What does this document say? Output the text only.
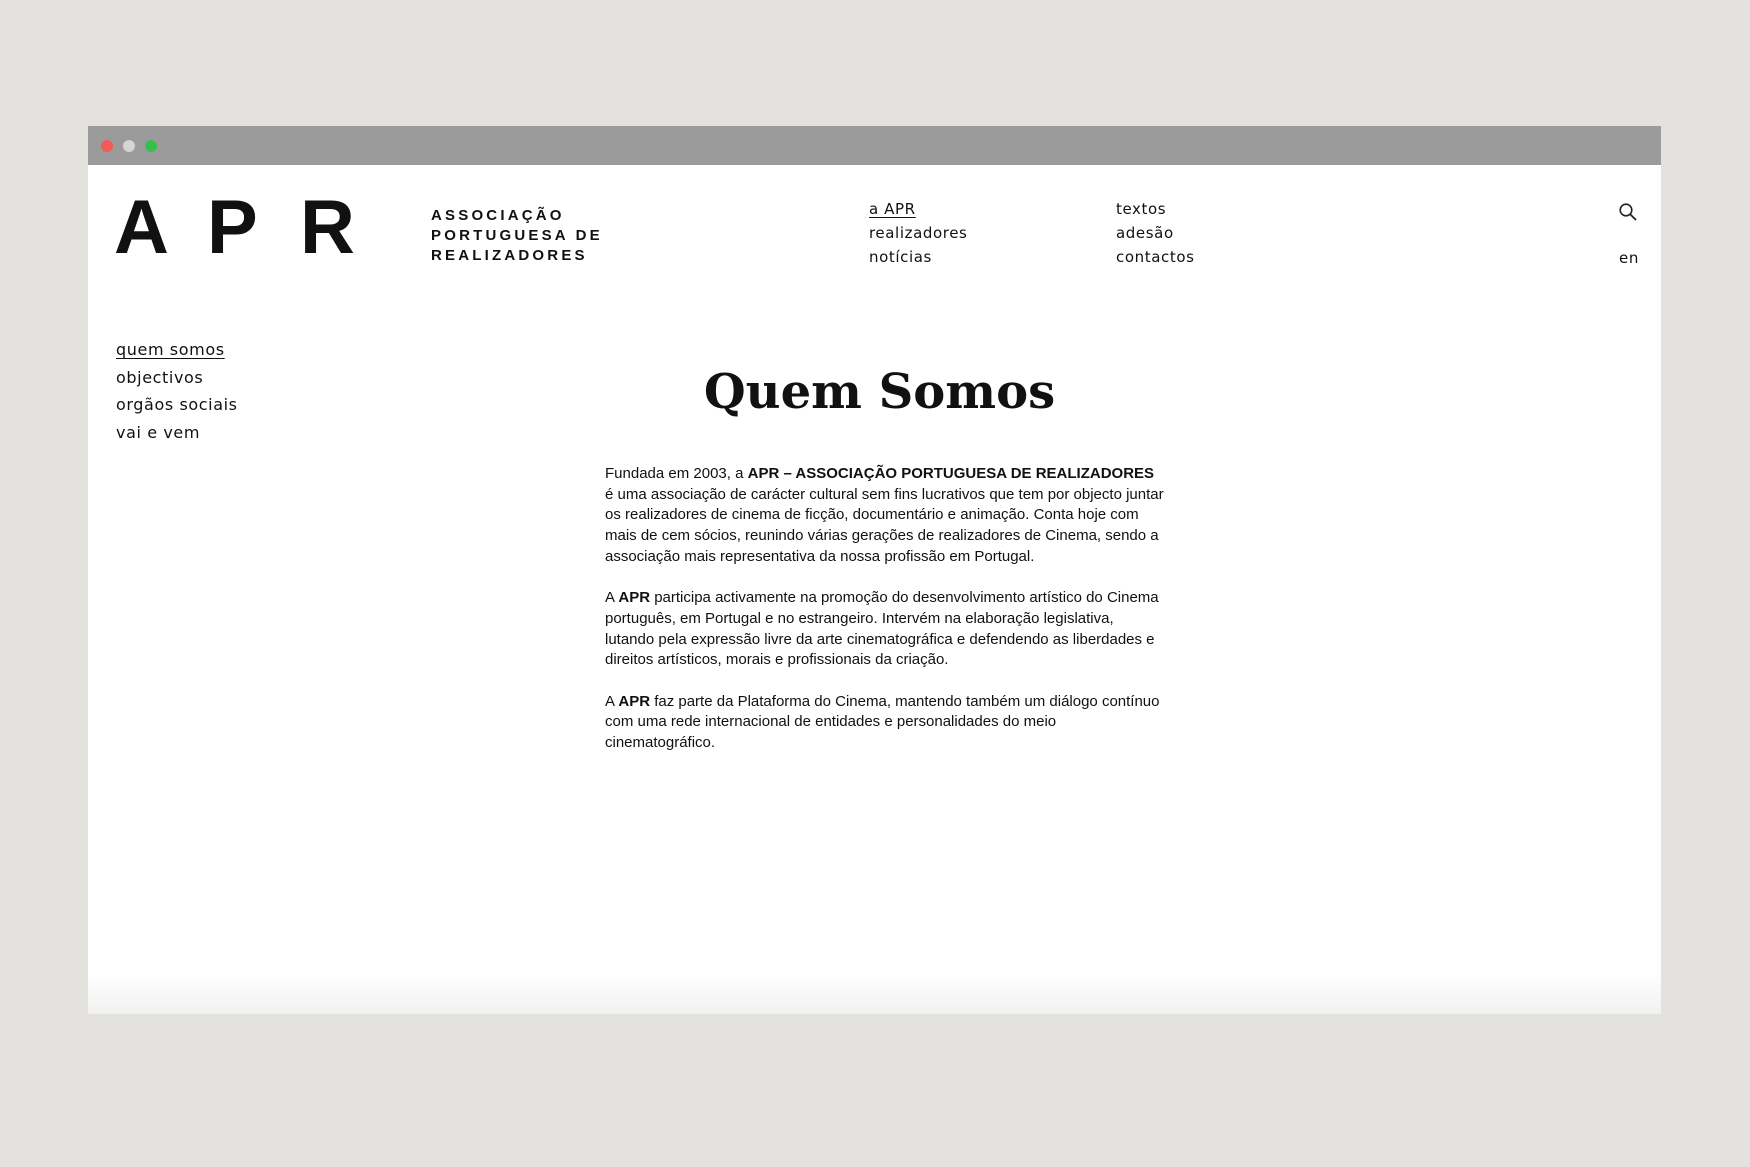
A P R	ASSOCIAÇÃO
PORTUGUESA DE
REALIZADORES
a APR
realizadores
notícias
textos
adesão
contactos	en
quem somos
objectivos
orgãos sociais
vai e vem
Quem Somos

Fundada em 2003, a APR – ASSOCIAÇÃO PORTUGUESA DE REALIZADORES é uma associação de carácter cultural sem fins lucrativos que tem por objecto juntar os realizadores de cinema de ficção, documentário e animação. Conta hoje com mais de cem sócios, reunindo várias gerações de realizadores de Cinema, sendo a associação mais representativa da nossa profissão em Portugal.

A APR participa activamente na promoção do desenvolvimento artístico do Cinema português, em Portugal e no estrangeiro. Intervém na elaboração legislativa, lutando pela expressão livre da arte cinematográfica e defendendo as liberdades e direitos artísticos, morais e profissionais da criação.

A APR faz parte da Plataforma do Cinema, mantendo também um diálogo contínuo com uma rede internacional de entidades e personalidades do meio cinematográfico.
